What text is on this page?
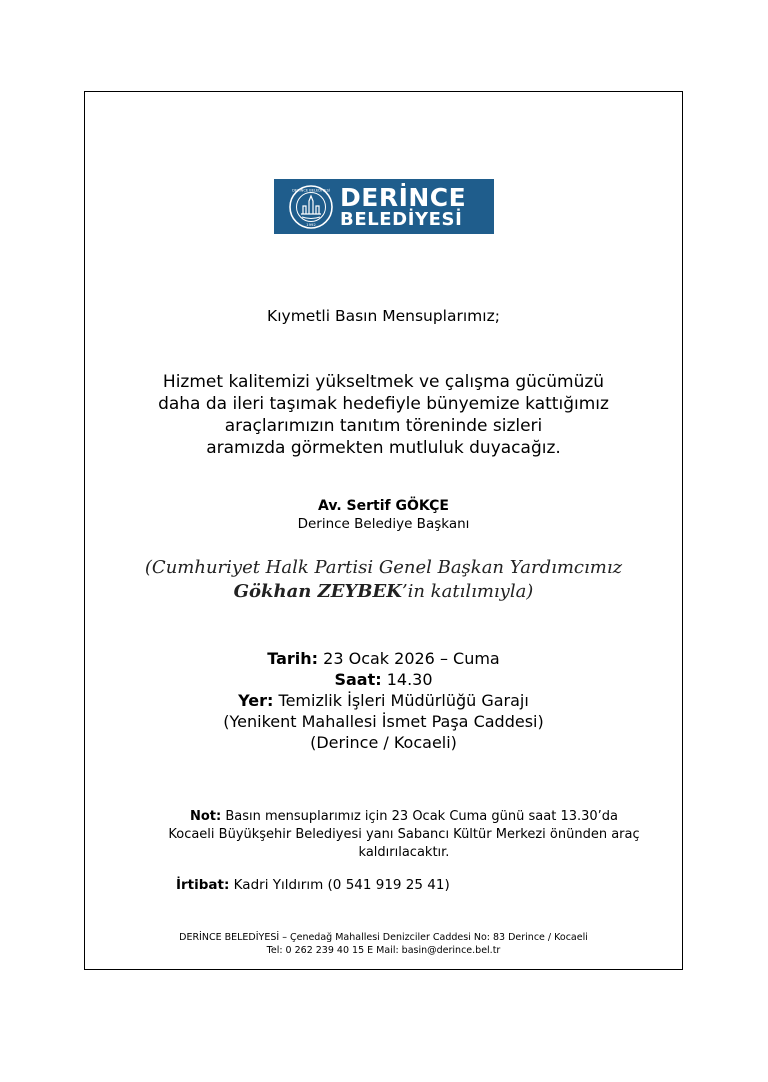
DERİNCE BELEDİYESİ
1992
DERİNCE
BELEDİYESİ
Kıymetli Basın Mensuplarımız;
Hizmet kalitemizi yükseltmek ve çalışma gücümüzü
daha da ileri taşımak hedefiyle bünyemize kattığımız
araçlarımızın tanıtım töreninde sizleri
aramızda görmekten mutluluk duyacağız.
Av. Sertif GÖKÇE
Derince Belediye Başkanı
(Cumhuriyet Halk Partisi Genel Başkan Yardımcımız
Gökhan ZEYBEK’in katılımıyla)
Tarih: 23 Ocak 2026 – Cuma
Saat: 14.30
Yer: Temizlik İşleri Müdürlüğü Garajı
(Yenikent Mahallesi İsmet Paşa Caddesi)
(Derince / Kocaeli)
Not: Basın mensuplarımız için 23 Ocak Cuma günü saat 13.30’da
Kocaeli Büyükşehir Belediyesi yanı Sabancı Kültür Merkezi önünden araç
kaldırılacaktır.
İrtibat: Kadri Yıldırım (0 541 919 25 41)
DERİNCE BELEDİYESİ – Çenedağ Mahallesi Denizciler Caddesi No: 83 Derince / Kocaeli
Tel: 0 262 239 40 15 E Mail: basin@derince.bel.tr
